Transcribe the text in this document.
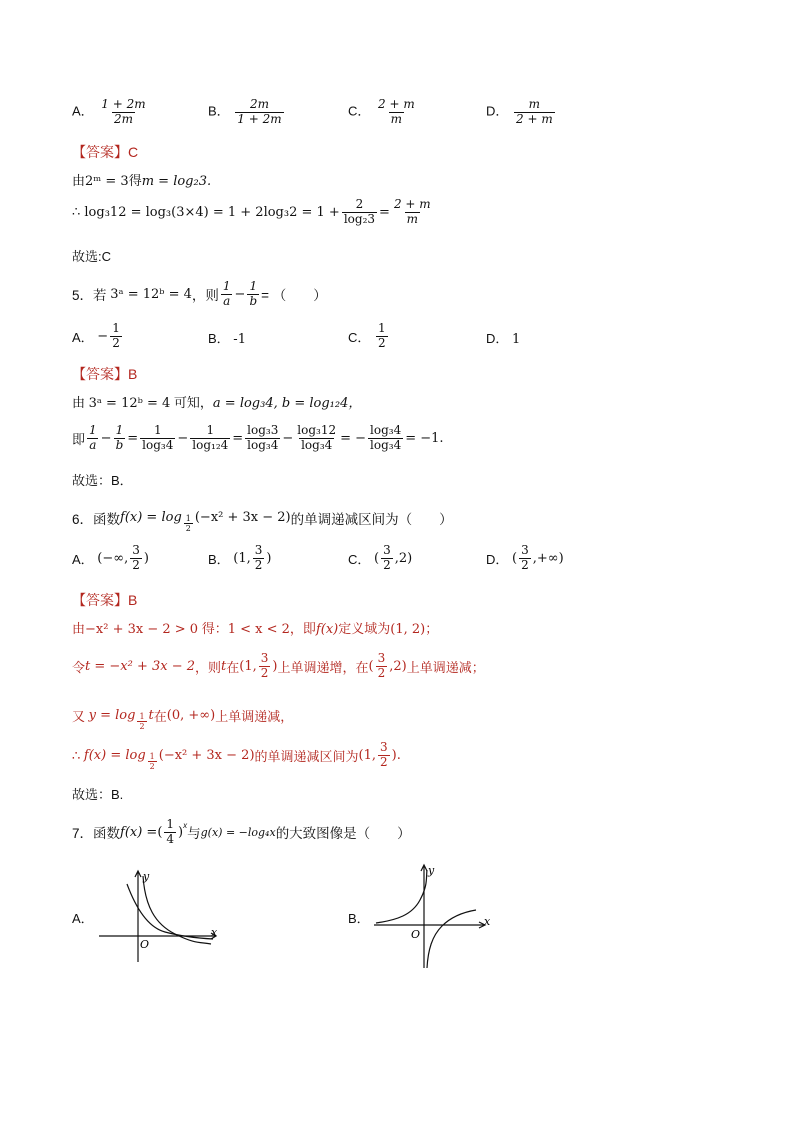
A． $\frac{1 + 2m}{2m}$	B． $\frac{2m}{1 + 2m}$	C． $\frac{2 + m}{m}$	D． $\frac{m}{2 + m}$
【答案】C
由2ᵐ = 3得m = log₂3.
∴ $\log_312 = \log_3(3\times 4) = 1 + 2\log_32 = 1 + \frac{2}{\text{log₂3}} = \frac{2 + m}{m}$
故选:C
5．若
3ᵃ = 12ᵇ = 4 ，则 $\frac{1}{a} - \frac{1}{b}$ = （　　）
A．
− $\frac{1}{2}$	B． -1	C．
$\frac{1}{2}$	D． 1
【答案】B
由 3ᵃ = 12ᵇ = 4 可知，a = log₃4, b = log₁₂4，
即 $\frac{1}{a} - \frac{1}{b} = \frac{1}{\text{log₃4}} - \frac{1}{\text{log₁₂4}} = \frac{\text{log₃3}}{\text{log₃4}} - \frac{\text{log₃12}}{\text{log₃4}}$ = − $\frac{\text{log₃4}}{\text{log₃4}} = -1$.
故选：B．
6．函数 $f(x) = \log \frac{1}{2} (-x^2 + 3x - 2)$ 的单调递减区间为（　　）
A．
(−∞, $\frac{3}{2}$ )	B．
(1, $\frac{3}{2}$ )	C．
( $\frac{3}{2} ,2$)	D．
( $\frac{3}{2}$ ,+∞)
【答案】B
由−x² + 3x − 2 > 0 得：1 < x < 2，即f(x)定义域为(1, 2)；
令 t = −x² + 3x − 2 ，则 t 在 (1, $\frac{3}{2}$ ) 上单调递增，在 ( $\frac{3}{2} ,2$) 上单调递减；
又
$y = \log \frac{1}{2}$ t 在 (0, +∞) 上单调递减，
∴
$f(x) = \log \frac{1}{2} (-x^2 + 3x - 2)$ 的单调递减区间为 (1, $\frac{3}{2}$ ) .
故选：B.
7．函数 f(x) = ( $\frac{1}{4} )^x$
与 g(x) = −log₄x 的大致图像是（　　）
A．
x
y
O
B．	x
y
O
